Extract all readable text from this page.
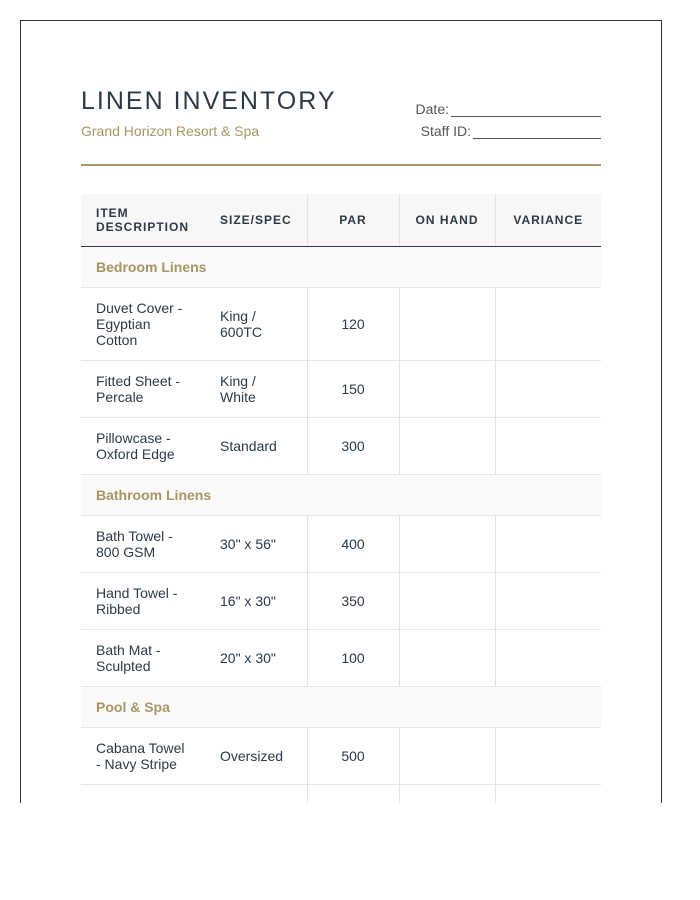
LINEN INVENTORY
Grand Horizon Resort & Spa
Date:
Staff ID:
ITEM DESCRIPTION	SIZE/SPEC	PAR	ON HAND	VARIANCE
Bedroom Linens				
Duvet Cover - Egyptian Cotton	King / 600TC	120		
Fitted Sheet - Percale	King / White	150		
Pillowcase - Oxford Edge	Standard	300		
Bathroom Linens				
Bath Towel - 800 GSM	30" x 56"	400		
Hand Towel - Ribbed	16" x 30"	350		
Bath Mat - Sculpted	20" x 30"	100		
Pool & Spa				
Cabana Towel - Navy Stripe	Oversized	500		
